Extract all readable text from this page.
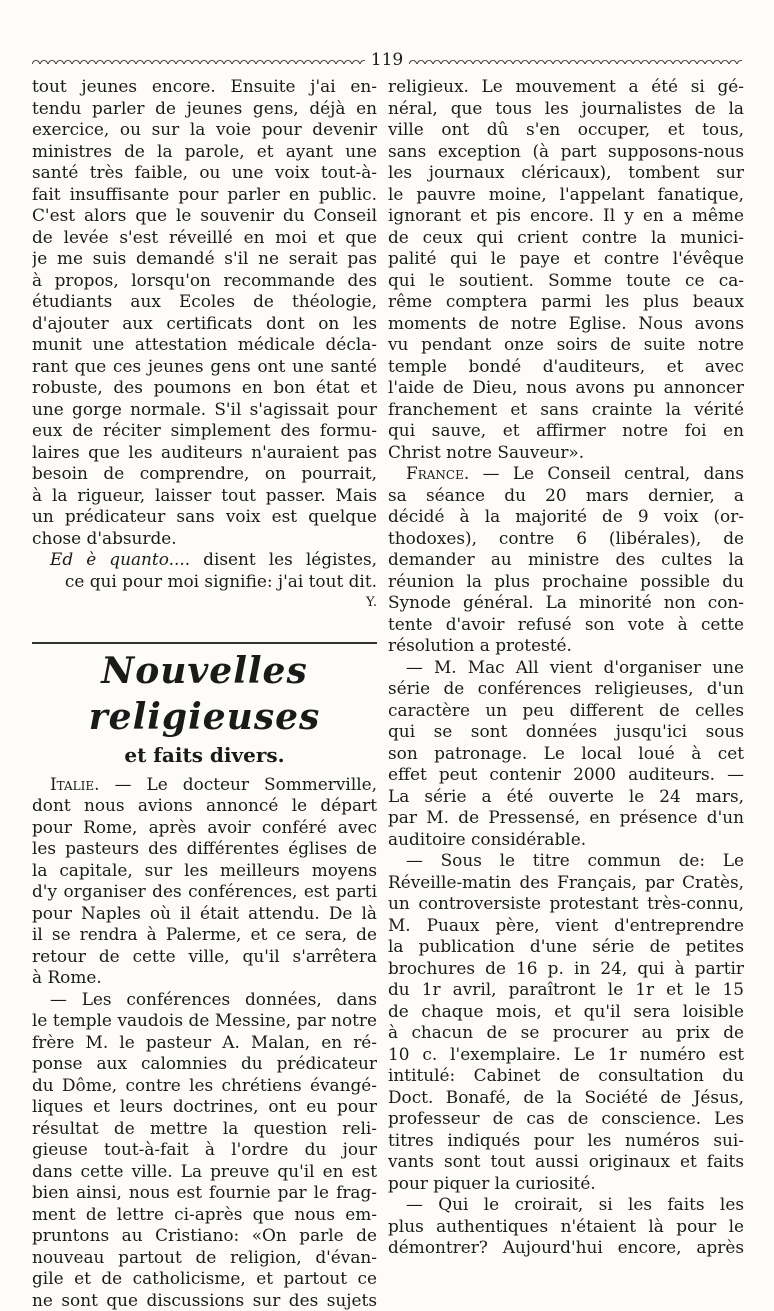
119
tout jeunes encore. Ensuite j'ai en-
tendu parler de jeunes gens, déjà en
exercice, ou sur la voie pour devenir
ministres de la parole, et ayant une
santé très faible, ou une voix tout-à-
fait insuffisante pour parler en public.
C'est alors que le souvenir du Conseil
de levée s'est réveillé en moi et que
je me suis demandé s'il ne serait pas
à propos, lorsqu'on recommande des
étudiants aux Ecoles de théologie,
d'ajouter aux certificats dont on les
munit une attestation médicale décla-
rant que ces jeunes gens ont une santé
robuste, des poumons en bon état et
une gorge normale. S'il s'agissait pour
eux de réciter simplement des formu-
laires que les auditeurs n'auraient pas
besoin de comprendre, on pourrait,
à la rigueur, laisser tout passer. Mais
un prédicateur sans voix est quelque
chose d'absurde.
Ed è quanto.... disent les légistes,
ce qui pour moi signifie: j'ai tout dit.
Y.
Nouvelles religieuses
et faits divers.
Italie. — Le docteur Sommerville,
dont nous avions annoncé le départ
pour Rome, après avoir conféré avec
les pasteurs des différentes églises de
la capitale, sur les meilleurs moyens
d'y organiser des conférences, est parti
pour Naples où il était attendu. De là
il se rendra à Palerme, et ce sera, de
retour de cette ville, qu'il s'arrêtera
à Rome.
— Les conférences données, dans
le temple vaudois de Messine, par notre
frère M. le pasteur A. Malan, en ré-
ponse aux calomnies du prédicateur
du Dôme, contre les chrétiens évangé-
liques et leurs doctrines, ont eu pour
résultat de mettre la question reli-
gieuse tout-à-fait à l'ordre du jour
dans cette ville. La preuve qu'il en est
bien ainsi, nous est fournie par le frag-
ment de lettre ci-après que nous em-
pruntons au Cristiano: «On parle de
nouveau partout de religion, d'évan-
gile et de catholicisme, et partout ce
ne sont que discussions sur des sujets
religieux. Le mouvement a été si gé-
néral, que tous les journalistes de la
ville ont dû s'en occuper, et tous,
sans exception (à part supposons-nous
les journaux cléricaux), tombent sur
le pauvre moine, l'appelant fanatique,
ignorant et pis encore. Il y en a même
de ceux qui crient contre la munici-
palité qui le paye et contre l'évêque
qui le soutient. Somme toute ce ca-
rême comptera parmi les plus beaux
moments de notre Eglise. Nous avons
vu pendant onze soirs de suite notre
temple bondé d'auditeurs, et avec
l'aide de Dieu, nous avons pu annoncer
franchement et sans crainte la vérité
qui sauve, et affirmer notre foi en
Christ notre Sauveur».
France. — Le Conseil central, dans
sa séance du 20 mars dernier, a
décidé à la majorité de 9 voix (or-
thodoxes), contre 6 (libérales), de
demander au ministre des cultes la
réunion la plus prochaine possible du
Synode général. La minorité non con-
tente d'avoir refusé son vote à cette
résolution a protesté.
— M. Mac All vient d'organiser une
série de conférences religieuses, d'un
caractère un peu different de celles
qui se sont données jusqu'ici sous
son patronage. Le local loué à cet
effet peut contenir 2000 auditeurs. —
La série a été ouverte le 24 mars,
par M. de Pressensé, en présence d'un
auditoire considérable.
— Sous le titre commun de: Le
Réveille-matin des Français, par Cratès,
un controversiste protestant très-connu,
M. Puaux père, vient d'entreprendre
la publication d'une série de petites
brochures de 16 p. in 24, qui à partir
du 1r avril, paraîtront le 1r et le 15
de chaque mois, et qu'il sera loisible
à chacun de se procurer au prix de
10 c. l'exemplaire. Le 1r numéro est
intitulé: Cabinet de consultation du
Doct. Bonafé, de la Société de Jésus,
professeur de cas de conscience. Les
titres indiqués pour les numéros sui-
vants sont tout aussi originaux et faits
pour piquer la curiosité.
— Qui le croirait, si les faits les
plus authentiques n'étaient là pour le
démontrer? Aujourd'hui encore, après
